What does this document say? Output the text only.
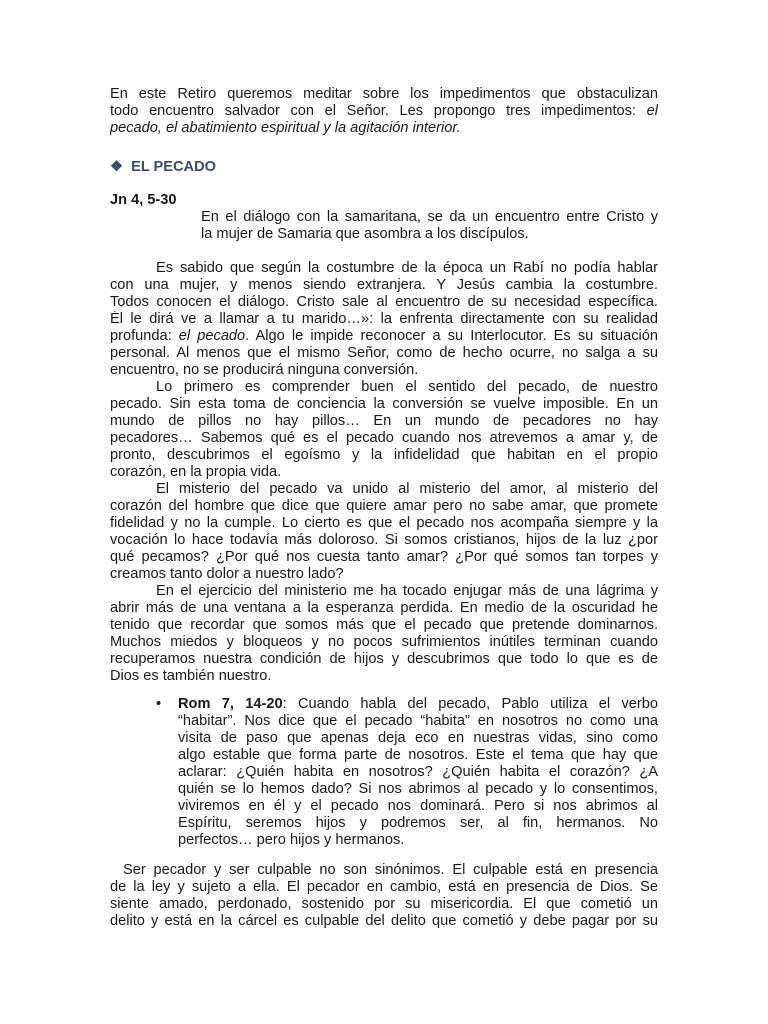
En este Retiro queremos meditar sobre los impedimentos que obstaculizan
todo encuentro salvador con el Señor. Les propongo tres impedimentos: el
pecado, el abatimiento espiritual y la agitación interior.
❖ EL PECADO
Jn 4, 5-30
En el diálogo con la samaritana, se da un encuentro entre Cristo y
la mujer de Samaria que asombra a los discípulos.
Es sabido que según la costumbre de la época un Rabí no podía hablar
con una mujer, y menos siendo extranjera. Y Jesús cambia la costumbre.
Todos conocen el diálogo. Cristo sale al encuentro de su necesidad específica.
Él le dirá ve a llamar a tu marido…»: la enfrenta directamente con su realidad
profunda: el pecado. Algo le impide reconocer a su Interlocutor. Es su situación
personal. Al menos que el mismo Señor, como de hecho ocurre, no salga a su
encuentro, no se producirá ninguna conversión.
Lo primero es comprender buen el sentido del pecado, de nuestro
pecado. Sin esta toma de conciencia la conversión se vuelve imposible. En un
mundo de pillos no hay pillos… En un mundo de pecadores no hay
pecadores… Sabemos qué es el pecado cuando nos atrevemos a amar y, de
pronto, descubrimos el egoísmo y la infidelidad que habitan en el propio
corazón, en la propia vida.
El misterio del pecado va unido al misterio del amor, al misterio del
corazón del hombre que dice que quiere amar pero no sabe amar, que promete
fidelidad y no la cumple. Lo cierto es que el pecado nos acompaña siempre y la
vocación lo hace todavía más doloroso. Si somos cristianos, hijos de la luz ¿por
qué pecamos? ¿Por qué nos cuesta tanto amar? ¿Por qué somos tan torpes y
creamos tanto dolor a nuestro lado?
En el ejercicio del ministerio me ha tocado enjugar más de una lágrima y
abrir más de una ventana a la esperanza perdida. En medio de la oscuridad he
tenido que recordar que somos más que el pecado que pretende dominarnos.
Muchos miedos y bloqueos y no pocos sufrimientos inútiles terminan cuando
recuperamos nuestra condición de hijos y descubrimos que todo lo que es de
Dios es también nuestro.
•	Rom 7, 14-20: Cuando habla del pecado, Pablo utiliza el verbo
“habitar”. Nos dice que el pecado “habita” en nosotros no como una
visita de paso que apenas deja eco en nuestras vidas, sino como
algo estable que forma parte de nosotros. Este el tema que hay que
aclarar: ¿Quién habita en nosotros? ¿Quién habita el corazón? ¿A
quién se lo hemos dado? Si nos abrimos al pecado y lo consentimos,
viviremos en él y el pecado nos dominará. Pero si nos abrimos al
Espíritu, seremos hijos y podremos ser, al fin, hermanos. No
perfectos… pero hijos y hermanos.
Ser pecador y ser culpable no son sinónimos. El culpable está en presencia
de la ley y sujeto a ella. El pecador en cambio, está en presencia de Dios. Se
siente amado, perdonado, sostenido por su misericordia. El que cometió un
delito y está en la cárcel es culpable del delito que cometió y debe pagar por su
